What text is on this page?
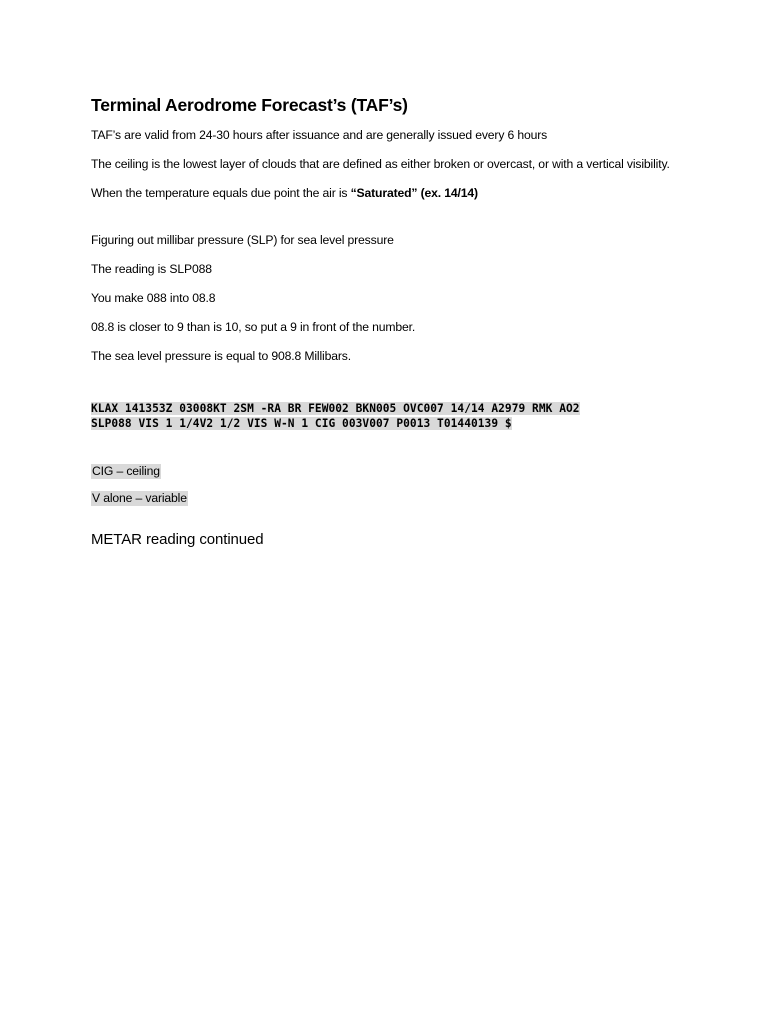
Terminal Aerodrome Forecast’s (TAF’s)

TAF’s are valid from 24-30 hours after issuance and are generally issued every 6 hours

The ceiling is the lowest layer of clouds that are defined as either broken or overcast, or with a vertical visibility.

When the temperature equals due point the air is “Saturated” (ex. 14/14)

Figuring out millibar pressure (SLP) for sea level pressure

The reading is SLP088

You make 088 into 08.8

08.8 is closer to 9 than is 10, so put a 9 in front of the number.

The sea level pressure is equal to 908.8 Millibars.

KLAX 141353Z 03008KT 2SM -RA BR FEW002 BKN005 OVC007 14/14 A2979 RMK AO2
SLP088 VIS 1 1/4V2 1/2 VIS W-N 1 CIG 003V007 P0013 T01440139 $
CIG – ceiling
V alone – variable
METAR reading continued
